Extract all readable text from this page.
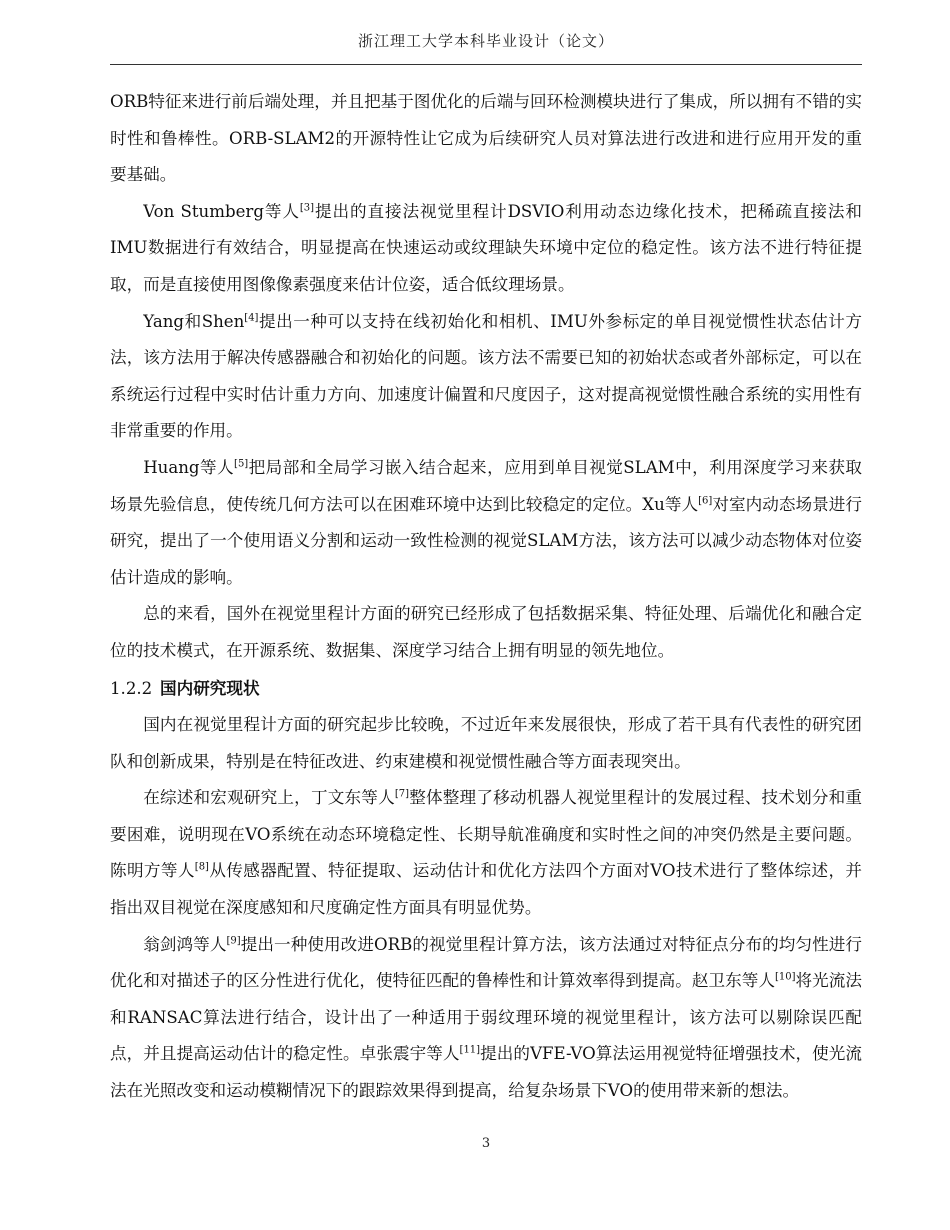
浙江理工大学本科毕业设计（论文）

ORB特征来进行前后端处理，并且把基于图优化的后端与回环检测模块进行了集成，所以拥有不错的实时性和鲁棒性。ORB-SLAM2的开源特性让它成为后续研究人员对算法进行改进和进行应用开发的重要基础。

Von Stumberg等人[3]提出的直接法视觉里程计DSVIO利用动态边缘化技术，把稀疏直接法和IMU数据进行有效结合，明显提高在快速运动或纹理缺失环境中定位的稳定性。该方法不进行特征提取，而是直接使用图像像素强度来估计位姿，适合低纹理场景。

Yang和Shen[4]提出一种可以支持在线初始化和相机、IMU外参标定的单目视觉惯性状态估计方法，该方法用于解决传感器融合和初始化的问题。该方法不需要已知的初始状态或者外部标定，可以在系统运行过程中实时估计重力方向、加速度计偏置和尺度因子，这对提高视觉惯性融合系统的实用性有非常重要的作用。

Huang等人[5]把局部和全局学习嵌入结合起来，应用到单目视觉SLAM中，利用深度学习来获取场景先验信息，使传统几何方法可以在困难环境中达到比较稳定的定位。Xu等人[6]对室内动态场景进行研究，提出了一个使用语义分割和运动一致性检测的视觉SLAM方法，该方法可以减少动态物体对位姿估计造成的影响。

总的来看，国外在视觉里程计方面的研究已经形成了包括数据采集、特征处理、后端优化和融合定位的技术模式，在开源系统、数据集、深度学习结合上拥有明显的领先地位。

1.2.2 国内研究现状

国内在视觉里程计方面的研究起步比较晚，不过近年来发展很快，形成了若干具有代表性的研究团队和创新成果，特别是在特征改进、约束建模和视觉惯性融合等方面表现突出。

在综述和宏观研究上，丁文东等人[7]整体整理了移动机器人视觉里程计的发展过程、技术划分和重要困难，说明现在VO系统在动态环境稳定性、长期导航准确度和实时性之间的冲突仍然是主要问题。陈明方等人[8]从传感器配置、特征提取、运动估计和优化方法四个方面对VO技术进行了整体综述，并指出双目视觉在深度感知和尺度确定性方面具有明显优势。

翁剑鸿等人[9]提出一种使用改进ORB的视觉里程计算方法，该方法通过对特征点分布的均匀性进行优化和对描述子的区分性进行优化，使特征匹配的鲁棒性和计算效率得到提高。赵卫东等人[10]将光流法和RANSAC算法进行结合，设计出了一种适用于弱纹理环境的视觉里程计，该方法可以剔除误匹配点，并且提高运动估计的稳定性。卓张震宇等人[11]提出的VFE-VO算法运用视觉特征增强技术，使光流法在光照改变和运动模糊情况下的跟踪效果得到提高，给复杂场景下VO的使用带来新的想法。

3
